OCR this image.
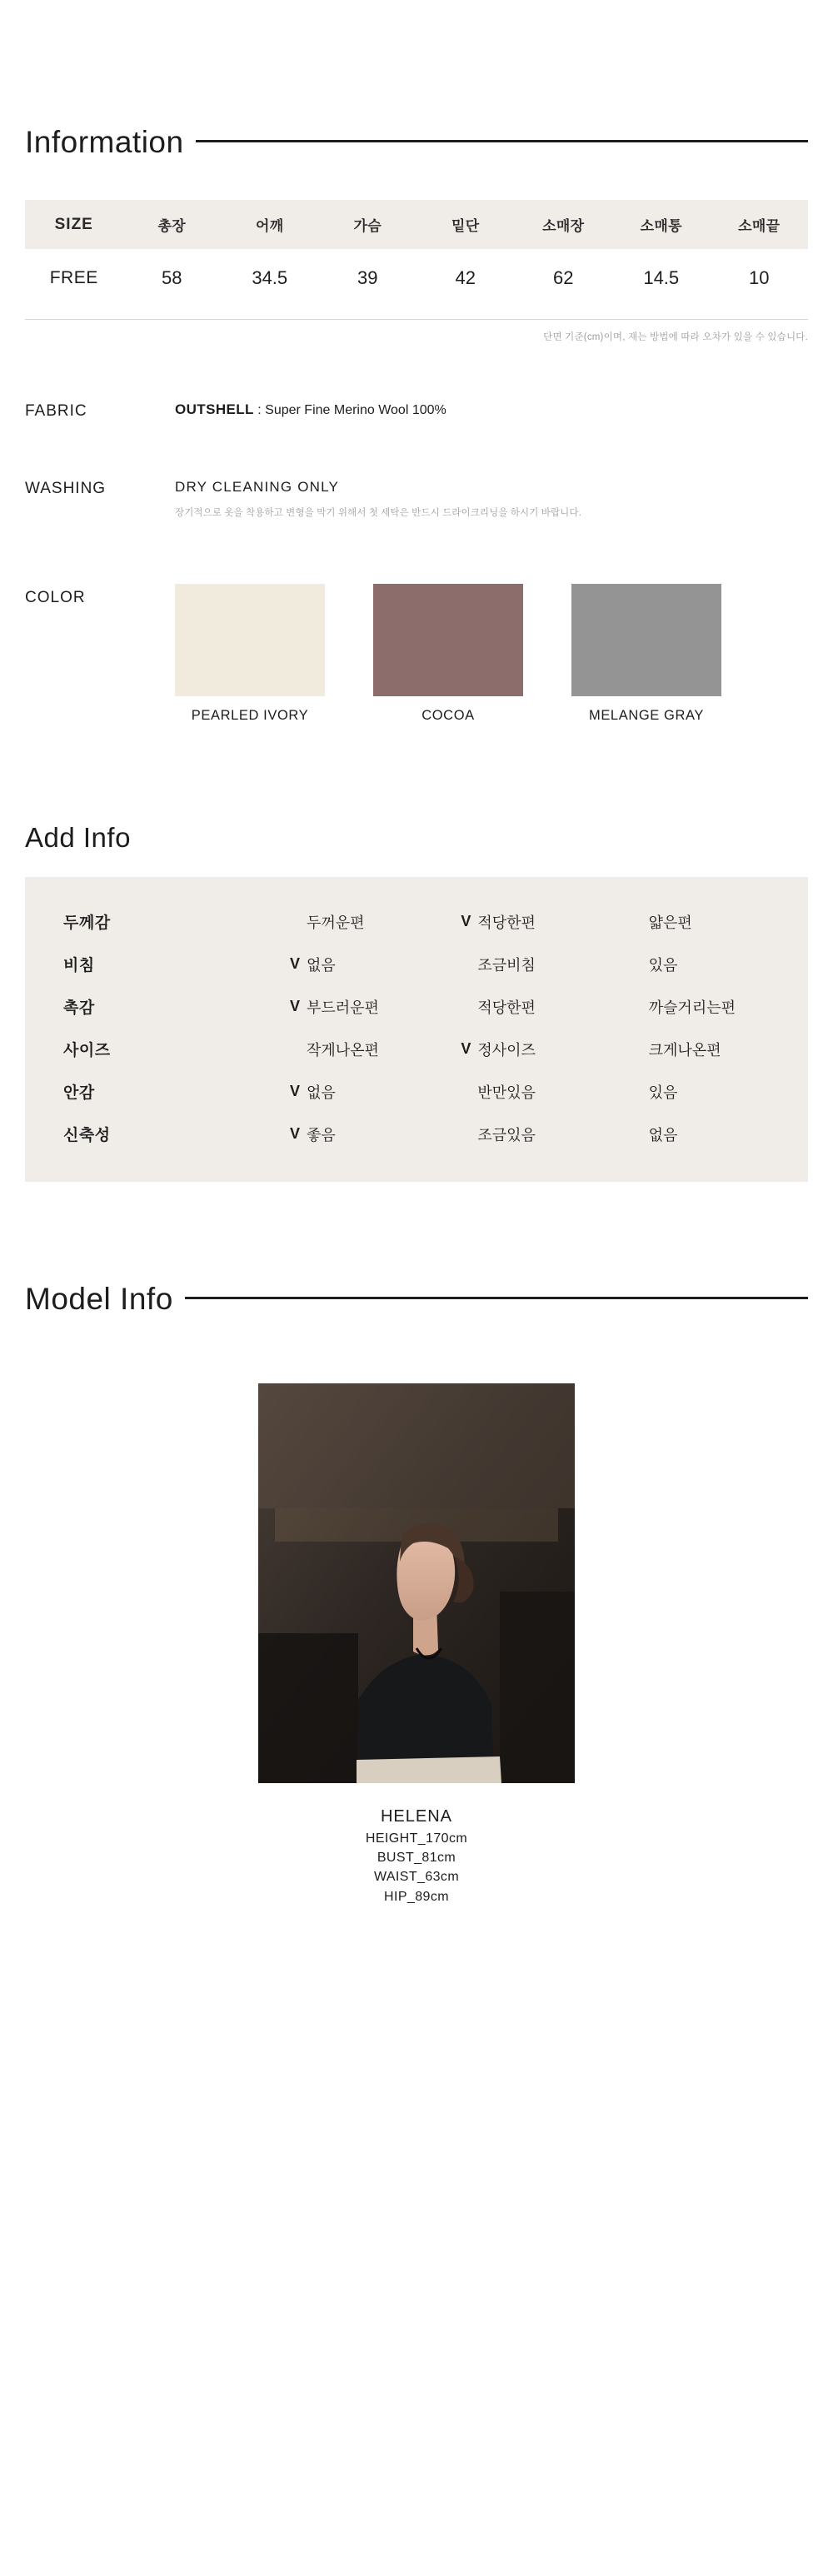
Information
SIZE	총장	어깨	가슴	밑단	소매장	소매통	소매끝
FREE	58	34.5	39	42	62	14.5	10
단면 기준(cm)이며, 재는 방법에 따라 오차가 있을 수 있습니다.
FABRIC	OUTSHELL : Super Fine Merino Wool 100%
WASHING	DRY CLEANING ONLY
장기적으로 옷을 착용하고 변형을 막기 위해서 첫 세탁은 반드시 드라이크리닝을 하시기 바랍니다.
COLOR
PEARLED IVORY	COCOA	MELANGE GRAY
Add Info
두께감	두꺼운편	V 적당한편	얇은편
비침	V 없음	조금비침	있음
촉감	V 부드러운편	적당한편	까슬거리는편
사이즈	작게나온편	V 정사이즈	크게나온편
안감	V 없음	반만있음	있음
신축성	V 좋음	조금있음	없음
Model Info
HELENA
HEIGHT_170cm
BUST_81cm
WAIST_63cm
HIP_89cm
